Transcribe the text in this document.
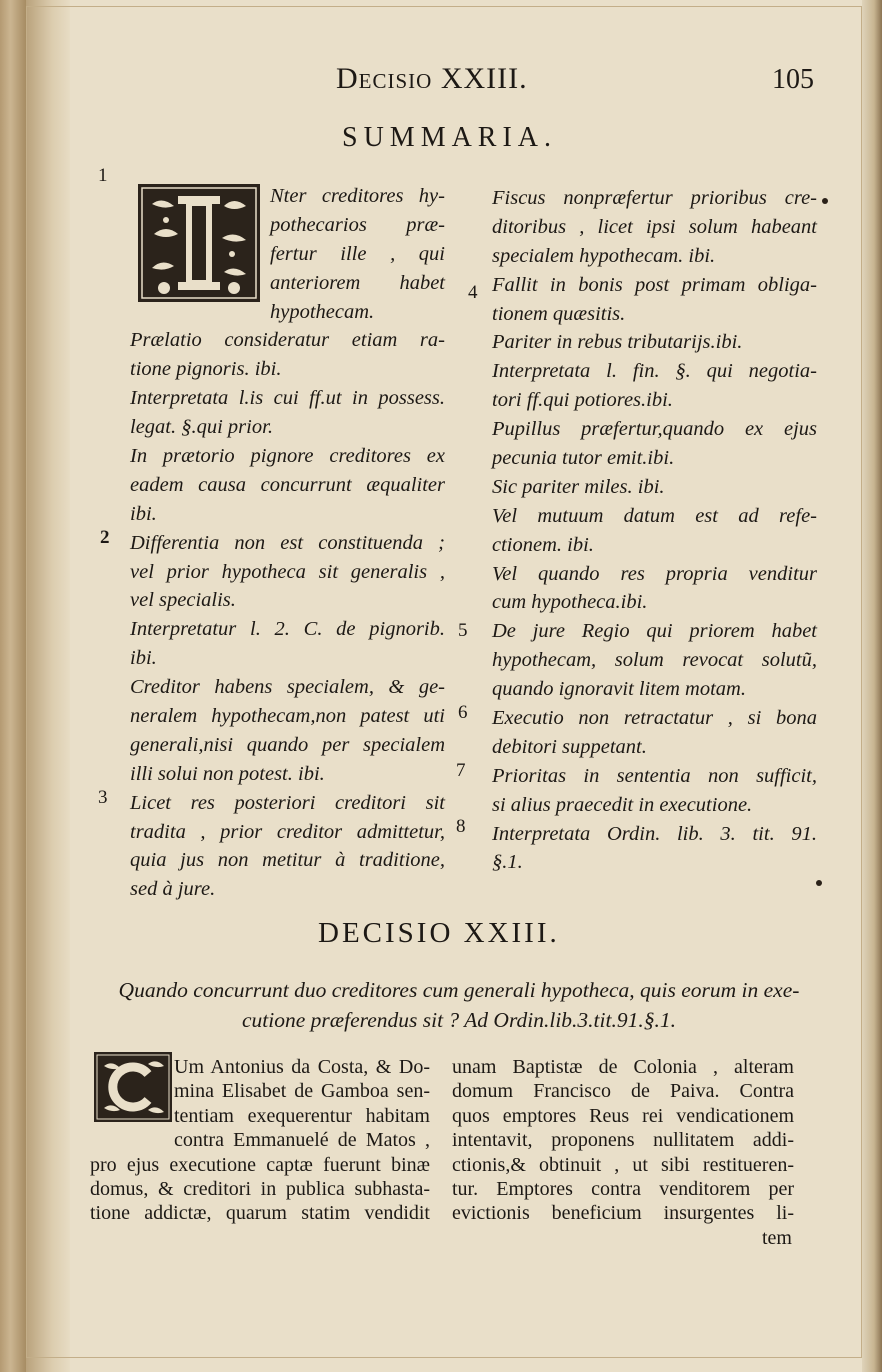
Decisio XXIII.	105
SUMMARIA.
1
2
3
4
5
6
7
8
Nter creditores hy-
pothecarios præ-
fertur ille , qui
anteriorem habet
hypothecam.
Prælatio consideratur etiam ra-
tione pignoris. ibi.
Interpretata l.is cui ff.ut in possess.
legat. §.qui prior.
In prætorio pignore creditores ex
eadem causa concurrunt æqualiter
ibi.
Differentia non est constituenda ;
vel prior hypotheca sit generalis ,
vel specialis.
Interpretatur l. 2. C. de pignorib.
ibi.
Creditor habens specialem, & ge-
neralem hypothecam,non patest uti
generali,nisi quando per specialem
illi solui non potest. ibi.
Licet res posteriori creditori sit
tradita , prior creditor admittetur,
quia jus non metitur à traditione,
sed à jure.
Fiscus nonpræfertur prioribus cre-
ditoribus , licet ipsi solum habeant
specialem hypothecam. ibi.
Fallit in bonis post primam obliga-
tionem quæsitis.
Pariter in rebus tributarijs.ibi.
Interpretata l. fin. §. qui negotia-
tori ff.qui potiores.ibi.
Pupillus præfertur,quando ex ejus
pecunia tutor emit.ibi.
Sic pariter miles. ibi.
Vel mutuum datum est ad refe-
ctionem. ibi.
Vel quando res propria venditur
cum hypotheca.ibi.
De jure Regio qui priorem habet
hypothecam, solum revocat solutũ,
quando ignoravit litem motam.
Executio non retractatur , si bona
debitori suppetant.
Prioritas in sententia non sufficit,
si alius praecedit in executione.
Interpretata Ordin. lib. 3. tit. 91.
§.1.
DECISIO XXIII.
Quando concurrunt duo creditores cum generali hypotheca, quis eorum in exe-
cutione præferendus sit ? Ad Ordin.lib.3.tit.91.§.1.
Um Antonius da Costa, & Do-
mina Elisabet de Gamboa sen-
tentiam exequerentur habitam
contra Emmanuelé de Matos ,
pro ejus executione captæ fuerunt binæ
domus, & creditori in publica subhasta-
tione addictæ, quarum statim vendidit
unam Baptistæ de Colonia , alteram
domum Francisco de Paiva. Contra
quos emptores Reus rei vendicationem
intentavit, proponens nullitatem addi-
ctionis,& obtinuit , ut sibi restitueren-
tur. Emptores contra venditorem per
evictionis beneficium insurgentes li-
tem
